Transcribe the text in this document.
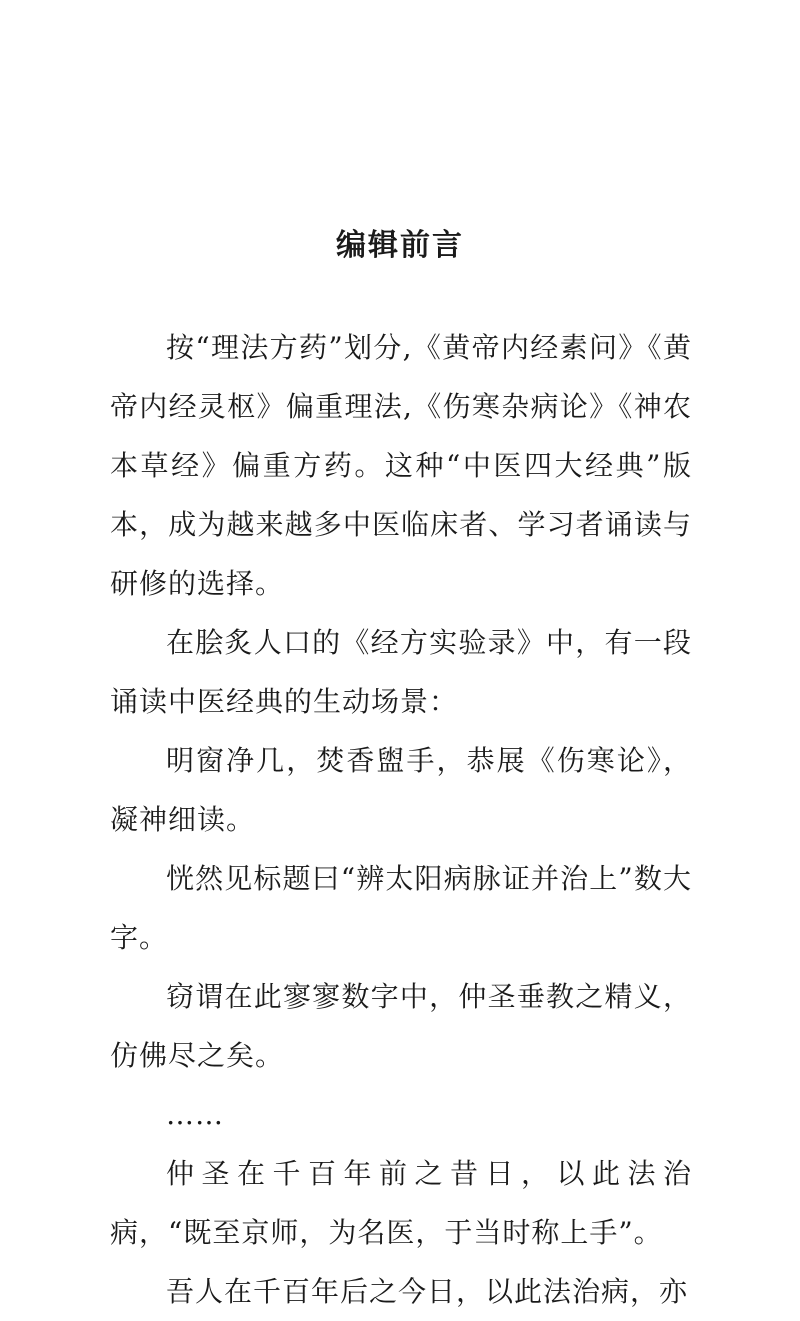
编辑前言

按“理法方药”划分,《黄帝内经素问》《黄帝内经灵枢》偏重理法,《伤寒杂病论》《神农本草经》偏重方药。这种“中医四大经典”版本，成为越来越多中医临床者、学习者诵读与研修的选择。

在脍炙人口的《经方实验录》中，有一段诵读中医经典的生动场景：

明窗净几，焚香盥手，恭展《伤寒论》，凝神细读。

恍然见标题曰“辨太阳病脉证并治上”数大字。

窃谓在此寥寥数字中，仲圣垂教之精义，仿佛尽之矣。

……

仲圣在千百年前之昔日，以此法治病，“既至京师，为名医，于当时称上手”。

吾人在千百年后之今日，以此法治病，亦
